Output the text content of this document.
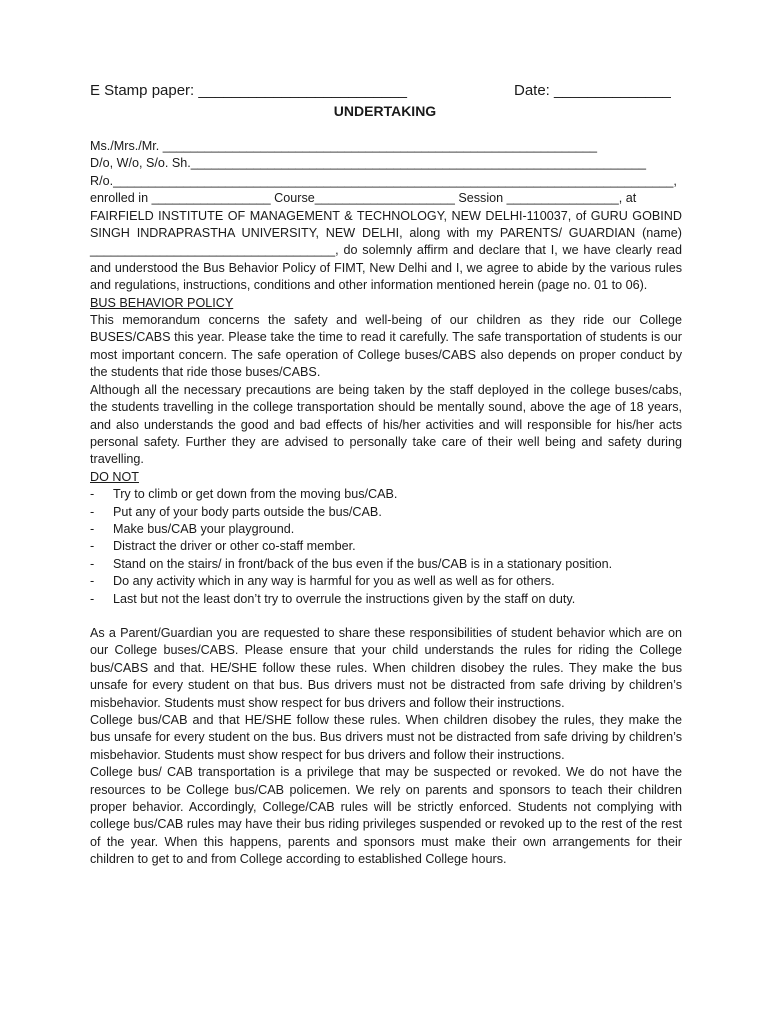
E Stamp paper: _________________________	Date: ______________
UNDERTAKING
Ms./Mrs./Mr. ______________________________________________________________
D/o, W/o, S/o. Sh._________________________________________________________________
R/o.________________________________________________________________________________,
enrolled in _________________ Course____________________ Session ________________, at

FAIRFIELD INSTITUTE OF MANAGEMENT & TECHNOLOGY, NEW DELHI-110037, of GURU GOBIND SINGH INDRAPRASTHA UNIVERSITY, NEW DELHI, along with my PARENTS/ GUARDIAN (name) ___________________________________, do solemnly affirm and declare that I, we have clearly read and understood the Bus Behavior Policy of FIMT, New Delhi and I, we agree to abide by the various rules and regulations, instructions, conditions and other information mentioned herein (page no. 01 to 06).

BUS BEHAVIOR POLICY

This memorandum concerns the safety and well-being of our children as they ride our College BUSES/CABS this year. Please take the time to read it carefully. The safe transportation of students is our most important concern. The safe operation of College buses/CABS also depends on proper conduct by the students that ride those buses/CABS.

Although all the necessary precautions are being taken by the staff deployed in the college buses/cabs, the students travelling in the college transportation should be mentally sound, above the age of 18 years, and also understands the good and bad effects of his/her activities and will responsible for his/her acts personal safety. Further they are advised to personally take care of their well being and safety during travelling.

DO NOT
-	Try to climb or get down from the moving bus/CAB.
-	Put any of your body parts outside the bus/CAB.
-	Make bus/CAB your playground.
-	Distract the driver or other co-staff member.
-	Stand on the stairs/ in front/back of the bus even if the bus/CAB is in a stationary position.
-	Do any activity which in any way is harmful for you as well as well as for others.
-	Last but not the least don’t try to overrule the instructions given by the staff on duty.

As a Parent/Guardian you are requested to share these responsibilities of student behavior which are on our College buses/CABS. Please ensure that your child understands the rules for riding the College bus/CABS and that. HE/SHE follow these rules. When children disobey the rules. They make the bus unsafe for every student on that bus. Bus drivers must not be distracted from safe driving by children’s misbehavior. Students must show respect for bus drivers and follow their instructions.

College bus/CAB and that HE/SHE follow these rules. When children disobey the rules, they make the bus unsafe for every student on the bus. Bus drivers must not be distracted from safe driving by children’s misbehavior. Students must show respect for bus drivers and follow their instructions.

College bus/ CAB transportation is a privilege that may be suspected or revoked. We do not have the resources to be College bus/CAB policemen. We rely on parents and sponsors to teach their children proper behavior. Accordingly, College/CAB rules will be strictly enforced. Students not complying with college bus/CAB rules may have their bus riding privileges suspended or revoked up to the rest of the rest of the year. When this happens, parents and sponsors must make their own arrangements for their children to get to and from College according to established College hours.
